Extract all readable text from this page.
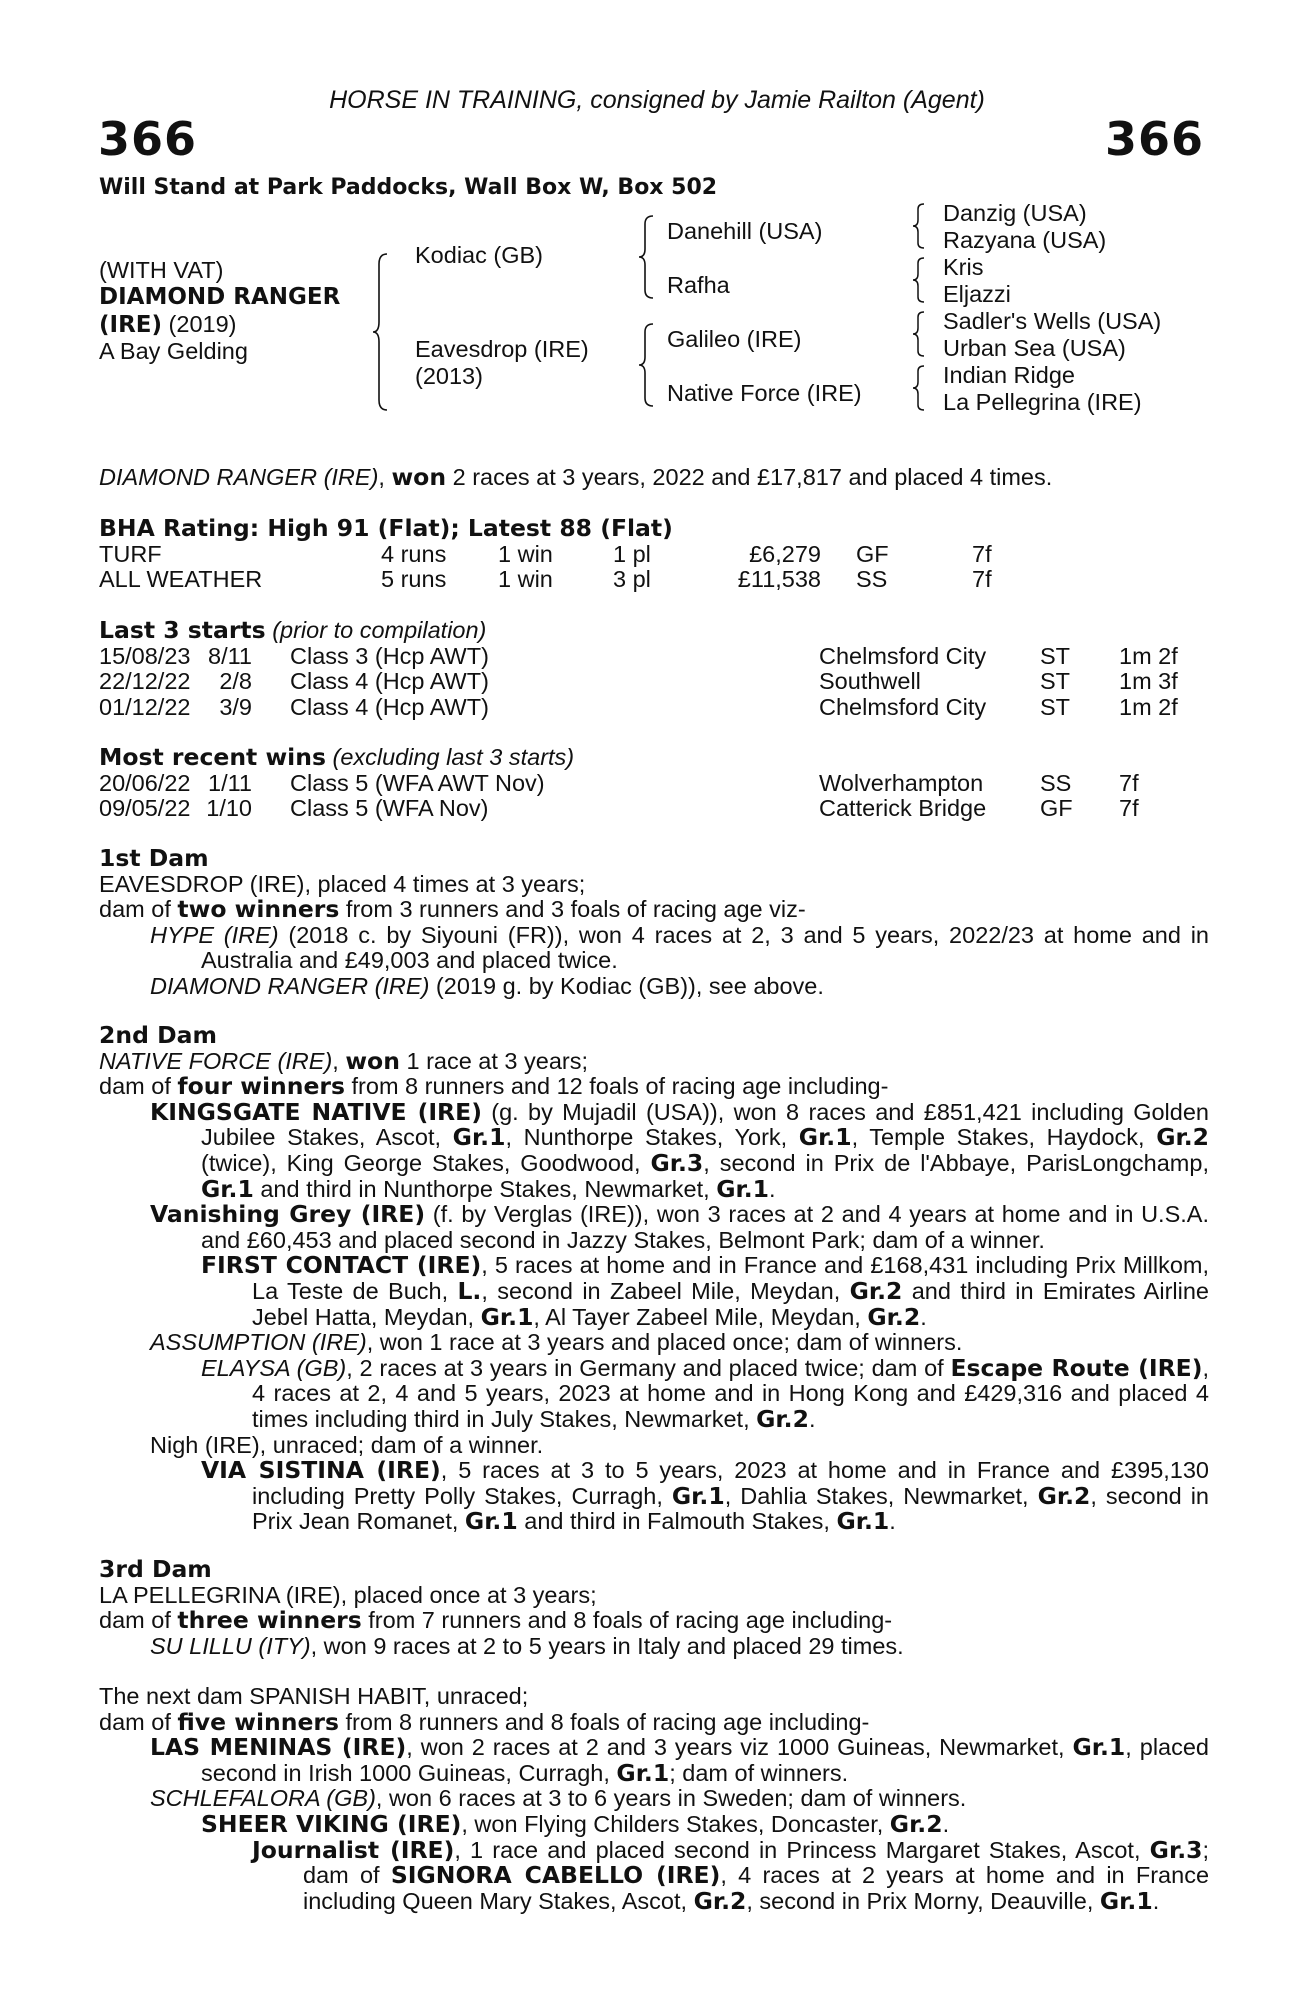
HORSE IN TRAINING, consigned by Jamie Railton (Agent)
366	366
Will Stand at Park Paddocks, Wall Box W, Box 502
(WITH VAT)
DIAMOND RANGER
(IRE) (2019)
A Bay Gelding
Kodiac (GB)
Eavesdrop (IRE)
(2013)
Danehill (USA)
Rafha
Galileo (IRE)
Native Force (IRE)
Danzig (USA)
Razyana (USA)
Kris
Eljazzi
Sadler's Wells (USA)
Urban Sea (USA)
Indian Ridge
La Pellegrina (IRE)
DIAMOND RANGER (IRE), won 2 races at 3 years, 2022 and £17,817 and placed 4 times.
BHA Rating: High 91 (Flat); Latest 88 (Flat)
TURF	4 runs 1 win	1 pl	£6,279 GF	7f
ALL WEATHER	5 runs 1 win	3 pl	£11,538 SS	7f
Last 3 starts (prior to compilation)
15/08/23 8/11 Class 3 (Hcp AWT)	Chelmsford City ST 1m 2f
22/12/22	2/8 Class 4 (Hcp AWT)	Southwell	ST 1m 3f
01/12/22	3/9 Class 4 (Hcp AWT)	Chelmsford City ST 1m 2f
Most recent wins (excluding last 3 starts)
20/06/22 1/11 Class 5 (WFA AWT Nov)	Wolverhampton SS 7f
09/05/22 1/10 Class 5 (WFA Nov)	Catterick Bridge GF 7f
1st Dam
EAVESDROP (IRE), placed 4 times at 3 years;
dam of two winners from 3 runners and 3 foals of racing age viz-
HYPE (IRE) (2018 c. by Siyouni (FR)), won 4 races at 2, 3 and 5 years, 2022/23 at home and in Australia and £49,003 and placed twice.
DIAMOND RANGER (IRE) (2019 g. by Kodiac (GB)), see above.
2nd Dam
NATIVE FORCE (IRE), won 1 race at 3 years;
dam of four winners from 8 runners and 12 foals of racing age including-
KINGSGATE NATIVE (IRE) (g. by Mujadil (USA)), won 8 races and £851,421 including Golden Jubilee Stakes, Ascot, Gr.1, Nunthorpe Stakes, York, Gr.1, Temple Stakes, Haydock, Gr.2 (twice), King George Stakes, Goodwood, Gr.3, second in Prix de l'Abbaye, ParisLongchamp, Gr.1 and third in Nunthorpe Stakes, Newmarket, Gr.1.
Vanishing Grey (IRE) (f. by Verglas (IRE)), won 3 races at 2 and 4 years at home and in U.S.A. and £60,453 and placed second in Jazzy Stakes, Belmont Park; dam of a winner.
FIRST CONTACT (IRE), 5 races at home and in France and £168,431 including Prix Millkom, La Teste de Buch, L., second in Zabeel Mile, Meydan, Gr.2 and third in Emirates Airline Jebel Hatta, Meydan, Gr.1, Al Tayer Zabeel Mile, Meydan, Gr.2.
ASSUMPTION (IRE), won 1 race at 3 years and placed once; dam of winners.
ELAYSA (GB), 2 races at 3 years in Germany and placed twice; dam of Escape Route (IRE), 4 races at 2, 4 and 5 years, 2023 at home and in Hong Kong and £429,316 and placed 4 times including third in July Stakes, Newmarket, Gr.2.
Nigh (IRE), unraced; dam of a winner.
VIA SISTINA (IRE), 5 races at 3 to 5 years, 2023 at home and in France and £395,130 including Pretty Polly Stakes, Curragh, Gr.1, Dahlia Stakes, Newmarket, Gr.2, second in Prix Jean Romanet, Gr.1 and third in Falmouth Stakes, Gr.1.
3rd Dam
LA PELLEGRINA (IRE), placed once at 3 years;
dam of three winners from 7 runners and 8 foals of racing age including-
SU LILLU (ITY), won 9 races at 2 to 5 years in Italy and placed 29 times.
The next dam SPANISH HABIT, unraced;
dam of five winners from 8 runners and 8 foals of racing age including-
LAS MENINAS (IRE), won 2 races at 2 and 3 years viz 1000 Guineas, Newmarket, Gr.1, placed second in Irish 1000 Guineas, Curragh, Gr.1; dam of winners.
SCHLEFALORA (GB), won 6 races at 3 to 6 years in Sweden; dam of winners.
SHEER VIKING (IRE), won Flying Childers Stakes, Doncaster, Gr.2.
Journalist (IRE), 1 race and placed second in Princess Margaret Stakes, Ascot, Gr.3; dam of SIGNORA CABELLO (IRE), 4 races at 2 years at home and in France including Queen Mary Stakes, Ascot, Gr.2, second in Prix Morny, Deauville, Gr.1.
